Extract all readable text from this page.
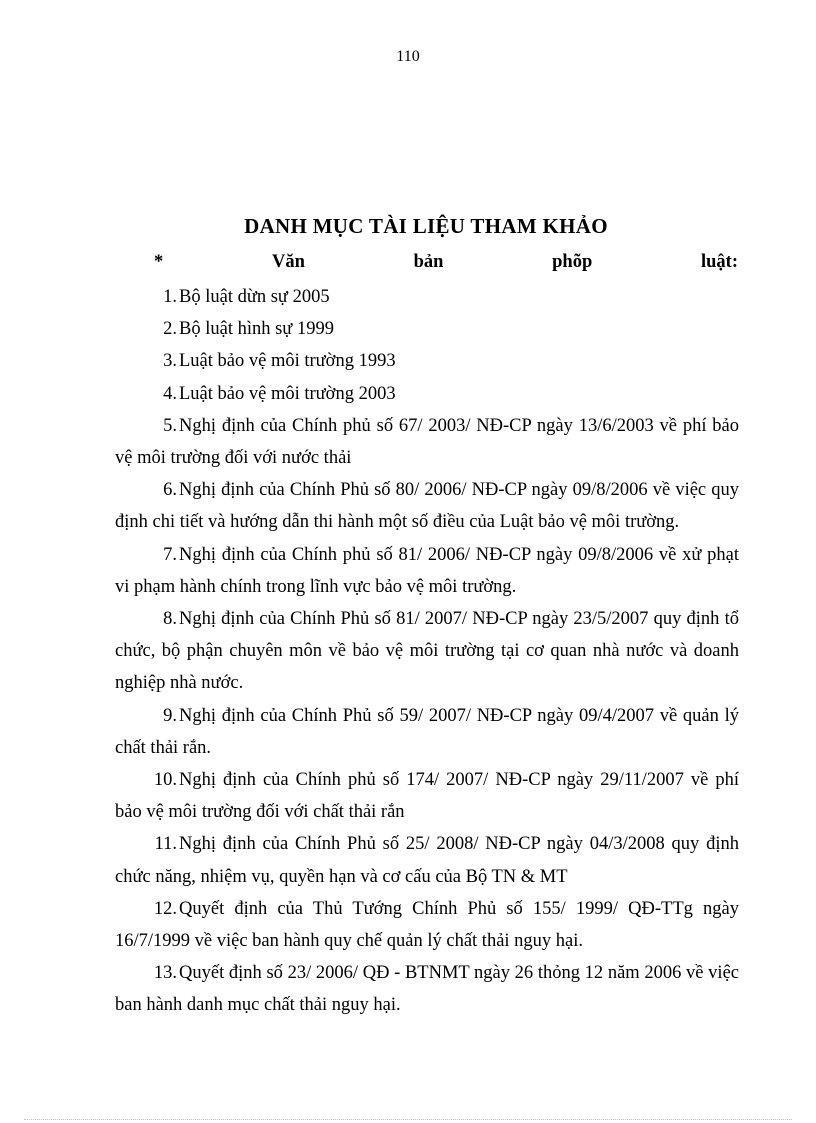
110
DANH MỤC TÀI LIỆU THAM KHẢO
*	Văn	bản	phõp	luật:

1. Bộ luật dừn sự 2005

2. Bộ luật hình sự 1999

3. Luật bảo vệ môi trường 1993

4. Luật bảo vệ môi trường 2003

5. Nghị định của Chính phủ số 67/ 2003/ NĐ-CP ngày 13/6/2003 về phí bảo vệ môi trường đối với nước thải

6. Nghị định của Chính Phủ số 80/ 2006/ NĐ-CP ngày 09/8/2006 về việc quy định chi tiết và hướng dẫn thi hành một số điều của Luật bảo vệ môi trường.

7. Nghị định của Chính phủ số 81/ 2006/ NĐ-CP ngày 09/8/2006 về xử phạt vi phạm hành chính trong lĩnh vực bảo vệ môi trường.

8. Nghị định của Chính Phủ số 81/ 2007/ NĐ-CP ngày 23/5/2007 quy định tổ chức, bộ phận chuyên môn về bảo vệ môi trường tại cơ quan nhà nước và doanh nghiệp nhà nước.

9. Nghị định của Chính Phủ số 59/ 2007/ NĐ-CP ngày 09/4/2007 về quản lý chất thải rắn.

10. Nghị định của Chính phủ số 174/ 2007/ NĐ-CP ngày 29/11/2007 về phí bảo vệ môi trường đối với chất thải rắn

11. Nghị định của Chính Phủ số 25/ 2008/ NĐ-CP ngày 04/3/2008 quy định chức năng, nhiệm vụ, quyền hạn và cơ cấu của Bộ TN & MT

12. Quyết định của Thủ Tướng Chính Phủ số 155/ 1999/ QĐ-TTg ngày 16/7/1999 về việc ban hành quy chế quản lý chất thải nguy hại.

13. Quyết định số 23/ 2006/ QĐ - BTNMT ngày 26 thỏng 12 năm 2006 về việc ban hành danh mục chất thải nguy hại.
